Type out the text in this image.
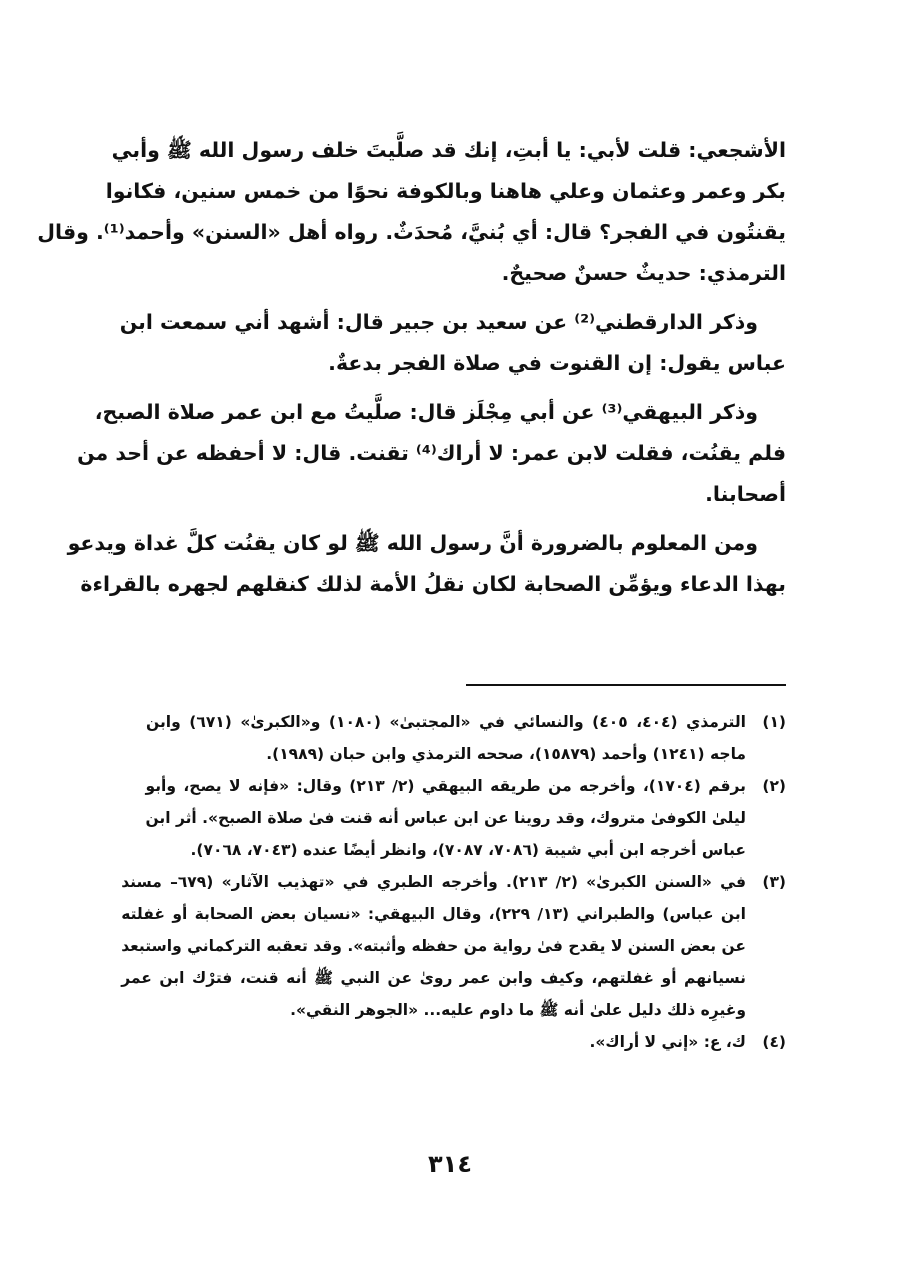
الأشجعي: قلت لأبي: يا أبتِ، إنك قد صلَّيتَ خلف رسول الله ﷺ وأبي
بكر وعمر وعثمان وعلي هاهنا وبالكوفة نحوًا من خمس سنين، فكانوا
يقنتُون في الفجر؟ قال: أي بُنيَّ، مُحدَثٌ. رواه أهل «السنن» وأحمد⁽¹⁾. وقال
الترمذي: حديثٌ حسنٌ صحيحٌ.
وذكر الدارقطني⁽²⁾ عن سعيد بن جبير قال: أشهد أني سمعت ابن
عباس يقول: إن القنوت في صلاة الفجر بدعةٌ.
وذكر البيهقي⁽³⁾ عن أبي مِجْلَز قال: صلَّيتُ مع ابن عمر صلاة الصبح،
فلم يقنُت، فقلت لابن عمر: لا أراك⁽⁴⁾ تقنت. قال: لا أحفظه عن أحد من
أصحابنا.
ومن المعلوم بالضرورة أنَّ رسول الله ﷺ لو كان يقنُت كلَّ غداة ويدعو
بهذا الدعاء ويؤمِّن الصحابة لكان نقلُ الأمة لذلك كنقلهم لجهره بالقراءة
(١)
الترمذي (٤٠٤، ٤٠٥) والنسائي في «المجتبىٰ» (١٠٨٠) و«الكبرىٰ» (٦٧١) وابن
ماجه (١٢٤١) وأحمد (١٥٨٧٩)، صححه الترمذي وابن حبان (١٩٨٩).
(٢)
برقم (١٧٠٤)، وأخرجه من طريقه البيهقي (٢/ ٢١٣) وقال: «فإنه لا يصح، وأبو
ليلىٰ الكوفىٰ متروك، وقد روينا عن ابن عباس أنه قنت فىٰ صلاة الصبح». أثر ابن
عباس أخرجه ابن أبي شيبة (٧٠٨٦، ٧٠٨٧)، وانظر أيضًا عنده (٧٠٤٣، ٧٠٦٨).
(٣)
في «السنن الكبرىٰ» (٢/ ٢١٣). وأخرجه الطبري في «تهذيب الآثار» (٦٧٩– مسند
ابن عباس) والطبراني (١٣/ ٢٢٩)، وقال البيهقي: «نسيان بعض الصحابة أو غفلته
عن بعض السنن لا يقدح فىٰ رواية من حفظه وأثبته». وقد تعقبه التركماني واستبعد
نسيانهم أو غفلتهم، وكيف وابن عمر روىٰ عن النبي ﷺ أنه قنت، فترْك ابن عمر
وغيرِه ذلك دليل علىٰ أنه ﷺ ما داوم عليه... «الجوهر النقي».
(٤)
ك، ع: «إني لا أراك».
٣١٤
